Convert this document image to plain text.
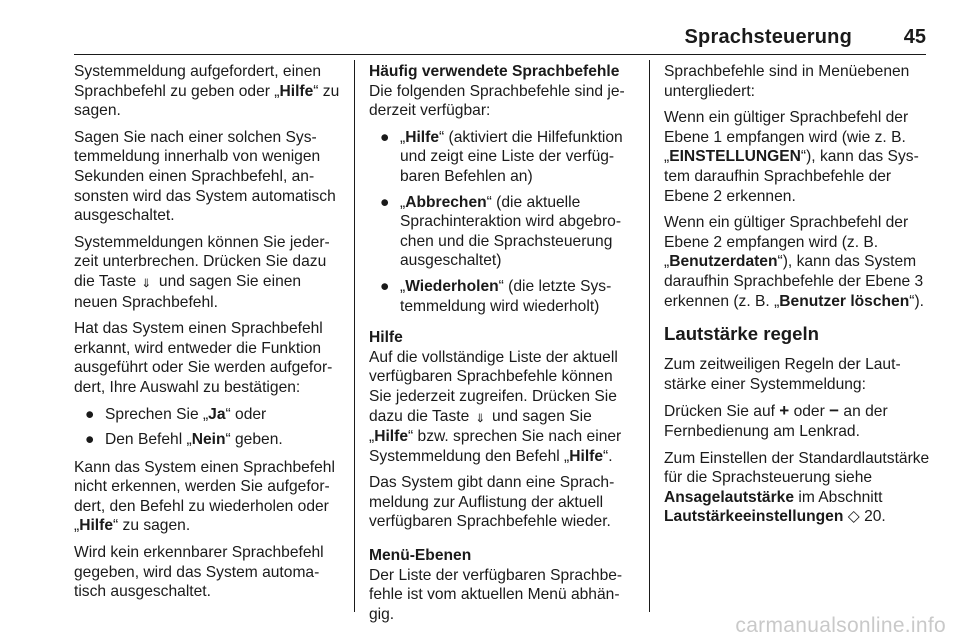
Sprachsteuerung	45

Systemmeldung aufgefordert, einen Sprachbefehl zu geben oder „Hilfe“ zu sagen.

Sagen Sie nach einer solchen Systemmeldung innerhalb von wenigen Sekunden einen Sprachbefehl, ansonsten wird das System automatisch ausgeschaltet.

Systemmeldungen können Sie jederzeit unterbrechen. Drücken Sie dazu die Taste ⇐ und sagen Sie einen neuen Sprachbefehl.

Hat das System einen Sprachbefehl erkannt, wird entweder die Funktion ausgeführt oder Sie werden aufgefordert, Ihre Auswahl zu bestätigen:

● Sprechen Sie „Ja“ oder
● Den Befehl „Nein“ geben.

Kann das System einen Sprachbefehl nicht erkennen, werden Sie aufgefordert, den Befehl zu wiederholen oder „Hilfe“ zu sagen.

Wird kein erkennbarer Sprachbefehl gegeben, wird das System automatisch ausgeschaltet.

Häufig verwendete Sprachbefehle

Die folgenden Sprachbefehle sind jederzeit verfügbar:

● „Hilfe“ (aktiviert die Hilfefunktion und zeigt eine Liste der verfügbaren Befehlen an)
● „Abbrechen“ (die aktuelle Sprachinteraktion wird abgebrochen und die Sprachsteuerung ausgeschaltet)
● „Wiederholen“ (die letzte Systemmeldung wird wiederholt)

Hilfe

Auf die vollständige Liste der aktuell verfügbaren Sprachbefehle können Sie jederzeit zugreifen. Drücken Sie dazu die Taste ⇐ und sagen Sie „Hilfe“ bzw. sprechen Sie nach einer Systemmeldung den Befehl „Hilfe“.

Das System gibt dann eine Sprachmeldung zur Auflistung der aktuell verfügbaren Sprachbefehle wieder.

Menü-Ebenen

Der Liste der verfügbaren Sprachbefehle ist vom aktuellen Menü abhängig.

Sprachbefehle sind in Menüebenen untergliedert:

Wenn ein gültiger Sprachbefehl der Ebene 1 empfangen wird (wie z. B. „EINSTELLUNGEN“), kann das System daraufhin Sprachbefehle der Ebene 2 erkennen.

Wenn ein gültiger Sprachbefehl der Ebene 2 empfangen wird (z. B. „Benutzerdaten“), kann das System daraufhin Sprachbefehle der Ebene 3 erkennen (z. B. „Benutzer löschen“).

Lautstärke regeln

Zum zeitweiligen Regeln der Lautstärke einer Systemmeldung:

Drücken Sie auf + oder − an der Fernbedienung am Lenkrad.

Zum Einstellen der Standardlautstärke für die Sprachsteuerung siehe Ansagelautstärke im Abschnitt Lautstärkeeinstellungen ◇ 20.

carmanualsonline.info
